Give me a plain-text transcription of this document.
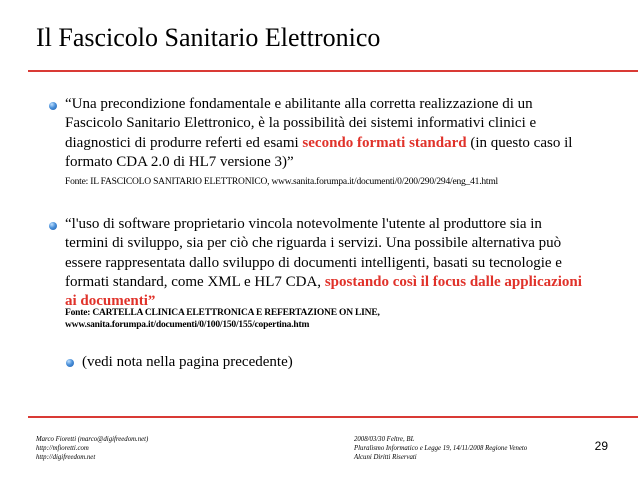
Il Fascicolo Sanitario Elettronico
“Una precondizione fondamentale e abilitante alla corretta realizzazione di un Fascicolo Sanitario Elettronico, è la possibilità dei sistemi informativi clinici e diagnostici di produrre referti ed esami secondo formati standard (in questo caso il formato CDA 2.0 di HL7 versione 3)”
Fonte: IL FASCICOLO SANITARIO ELETTRONICO, www.sanita.forumpa.it/documenti/0/200/290/294/eng_41.html
“l'uso di software proprietario vincola notevolmente l'utente al produttore sia in termini di sviluppo, sia per ciò che riguarda i servizi. Una possibile alternativa può essere rappresentata dallo sviluppo di documenti intelligenti, basati su tecnologie e formati standard, come XML e HL7 CDA, spostando così il focus dalle applicazioni ai documenti”
Fonte: CARTELLA CLINICA ELETTRONICA E REFERTAZIONE ON LINE,
www.sanita.forumpa.it/documenti/0/100/150/155/copertina.htm
(vedi nota nella pagina precedente)
Marco Fioretti (marco@digifreedom.net)
http://mfioretti.com
http://digifreedom.net
2008/03/30 Feltre, BL
Pluralismo Informatico e Legge 19, 14/11/2008 Regione Veneto
Alcuni Diritti Riservati
29
